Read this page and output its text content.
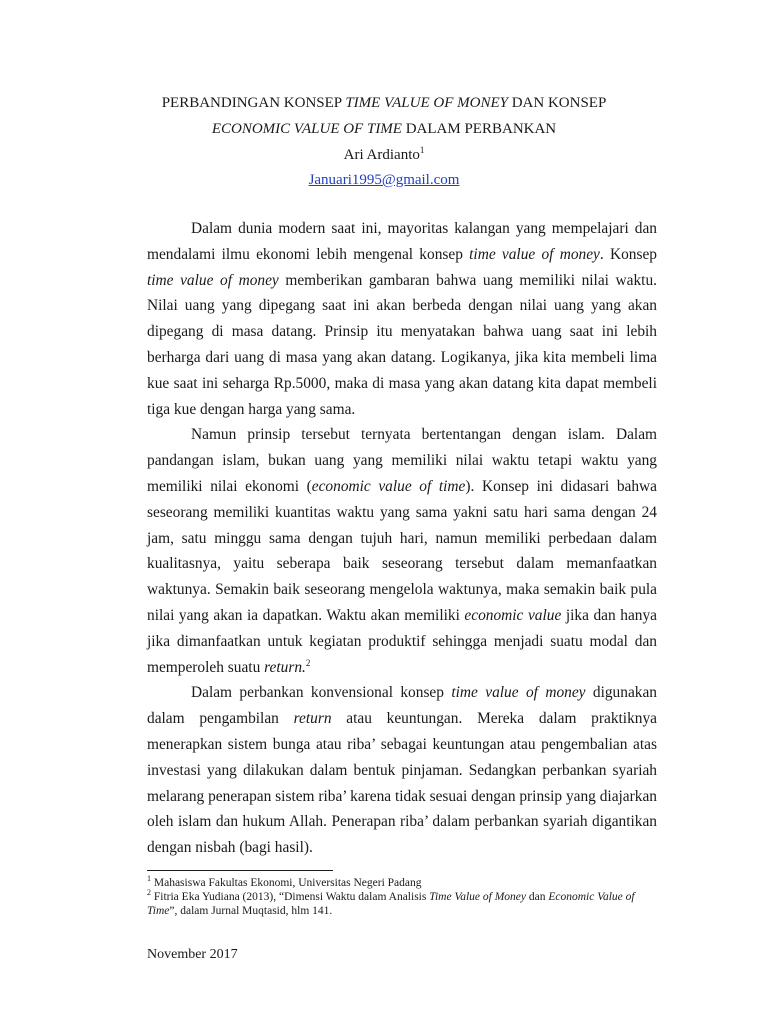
PERBANDINGAN KONSEP TIME VALUE OF MONEY DAN KONSEP
ECONOMIC VALUE OF TIME DALAM PERBANKAN
Ari Ardianto$^1$
Januari1995@gmail.com

Dalam dunia modern saat ini, mayoritas kalangan yang mempelajari dan mendalami ilmu ekonomi lebih mengenal konsep time value of money. Konsep time value of money memberikan gambaran bahwa uang memiliki nilai waktu. Nilai uang yang dipegang saat ini akan berbeda dengan nilai uang yang akan dipegang di masa datang. Prinsip itu menyatakan bahwa uang saat ini lebih berharga dari uang di masa yang akan datang. Logikanya, jika kita membeli lima kue saat ini seharga Rp.5000, maka di masa yang akan datang kita dapat membeli tiga kue dengan harga yang sama.

Namun prinsip tersebut ternyata bertentangan dengan islam. Dalam pandangan islam, bukan uang yang memiliki nilai waktu tetapi waktu yang memiliki nilai ekonomi (economic value of time). Konsep ini didasari bahwa seseorang memiliki kuantitas waktu yang sama yakni satu hari sama dengan 24 jam, satu minggu sama dengan tujuh hari, namun memiliki perbedaan dalam kualitasnya, yaitu seberapa baik seseorang tersebut dalam memanfaatkan waktunya. Semakin baik seseorang mengelola waktunya, maka semakin baik pula nilai yang akan ia dapatkan. Waktu akan memiliki economic value jika dan hanya jika dimanfaatkan untuk kegiatan produktif sehingga menjadi suatu modal dan memperoleh suatu return.$^2$

Dalam perbankan konvensional konsep time value of money digunakan dalam pengambilan return atau keuntungan. Mereka dalam praktiknya menerapkan sistem bunga atau riba’ sebagai keuntungan atau pengembalian atas investasi yang dilakukan dalam bentuk pinjaman. Sedangkan perbankan syariah melarang penerapan sistem riba’ karena tidak sesuai dengan prinsip yang diajarkan oleh islam dan hukum Allah. Penerapan riba’ dalam perbankan syariah digantikan dengan nisbah (bagi hasil).

$^1$ Mahasiswa Fakultas Ekonomi, Universitas Negeri Padang
$^2$ Fitria Eka Yudiana (2013), “Dimensi Waktu dalam Analisis Time Value of Money dan Economic Value of Time”, dalam Jurnal Muqtasid, hlm 141.
November 2017
